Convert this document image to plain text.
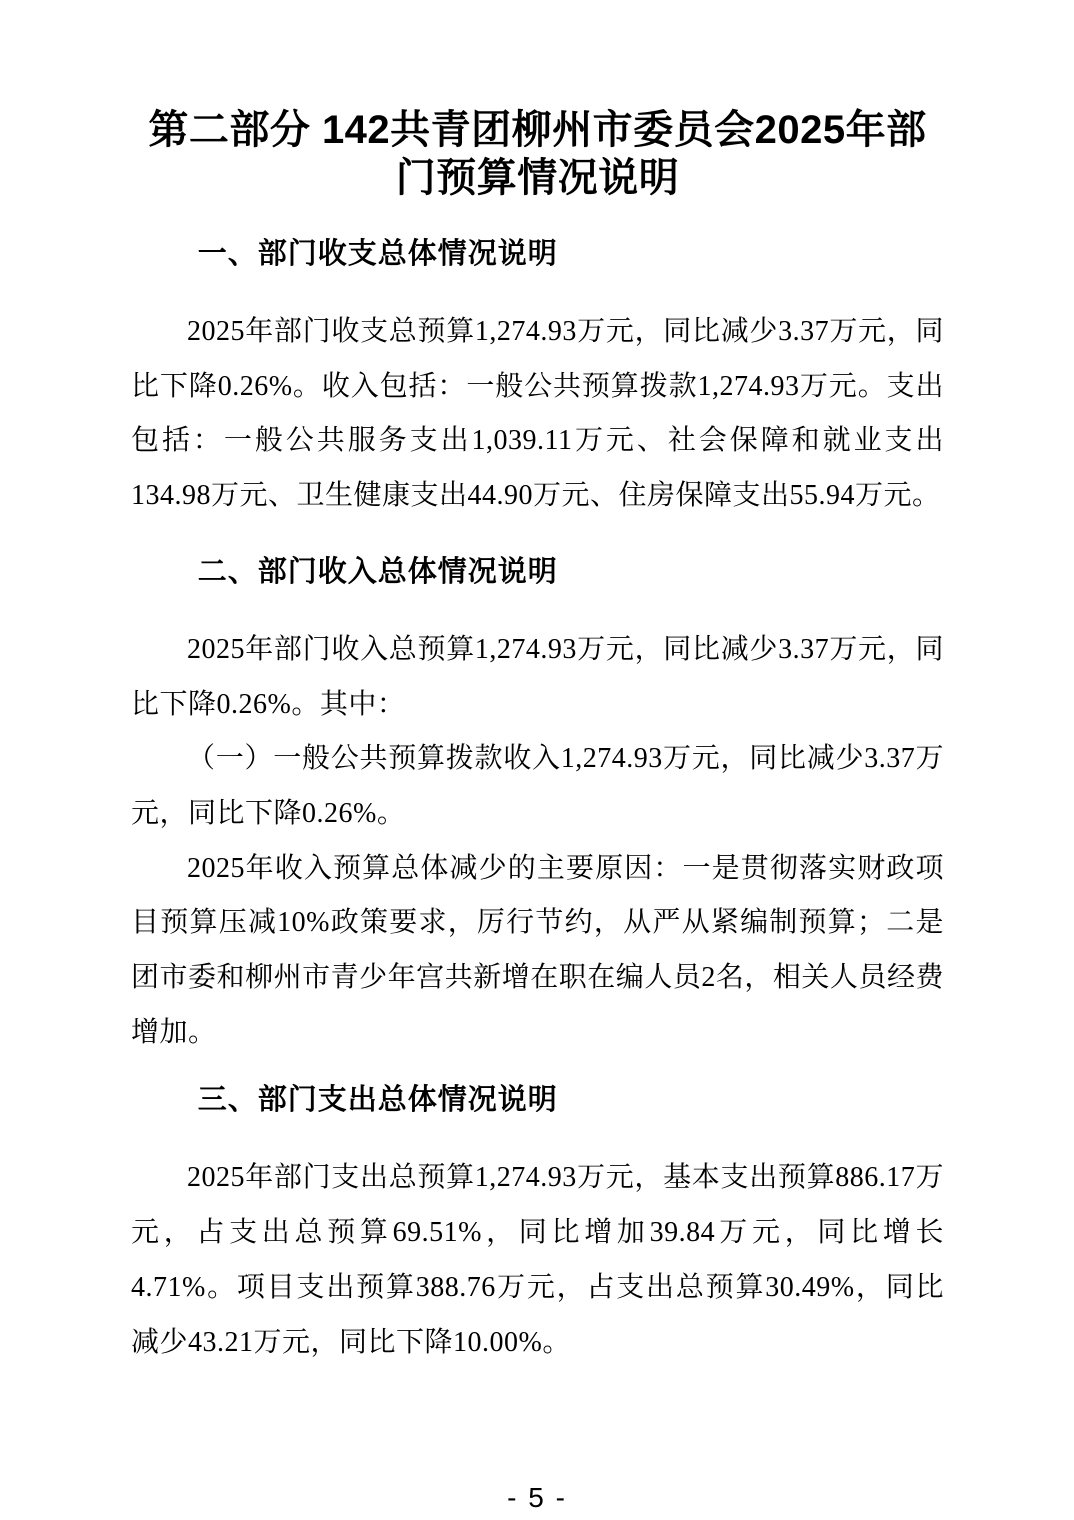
第二部分 142共青团柳州市委员会2025年部
门预算情况说明
一、部门收支总体情况说明

2025年部门收支总预算1,274.93万元，同比减少3.37万元，同比下降0.26%。收入包括：一般公共预算拨款1,274.93万元。支出包括：一般公共服务支出1,039.11万元、社会保障和就业支出134.98万元、卫生健康支出44.90万元、住房保障支出55.94万元。

二、部门收入总体情况说明

2025年部门收入总预算1,274.93万元，同比减少3.37万元，同比下降0.26%。其中：

（一）一般公共预算拨款收入1,274.93万元，同比减少3.37万元，同比下降0.26%。

2025年收入预算总体减少的主要原因：一是贯彻落实财政项目预算压减10%政策要求，厉行节约，从严从紧编制预算；二是团市委和柳州市青少年宫共新增在职在编人员2名，相关人员经费增加。

三、部门支出总体情况说明

2025年部门支出总预算1,274.93万元，基本支出预算886.17万元，占支出总预算69.51%，同比增加39.84万元，同比增长4.71%。项目支出预算388.76万元，占支出总预算30.49%，同比减少43.21万元，同比下降10.00%。

- 5 -
